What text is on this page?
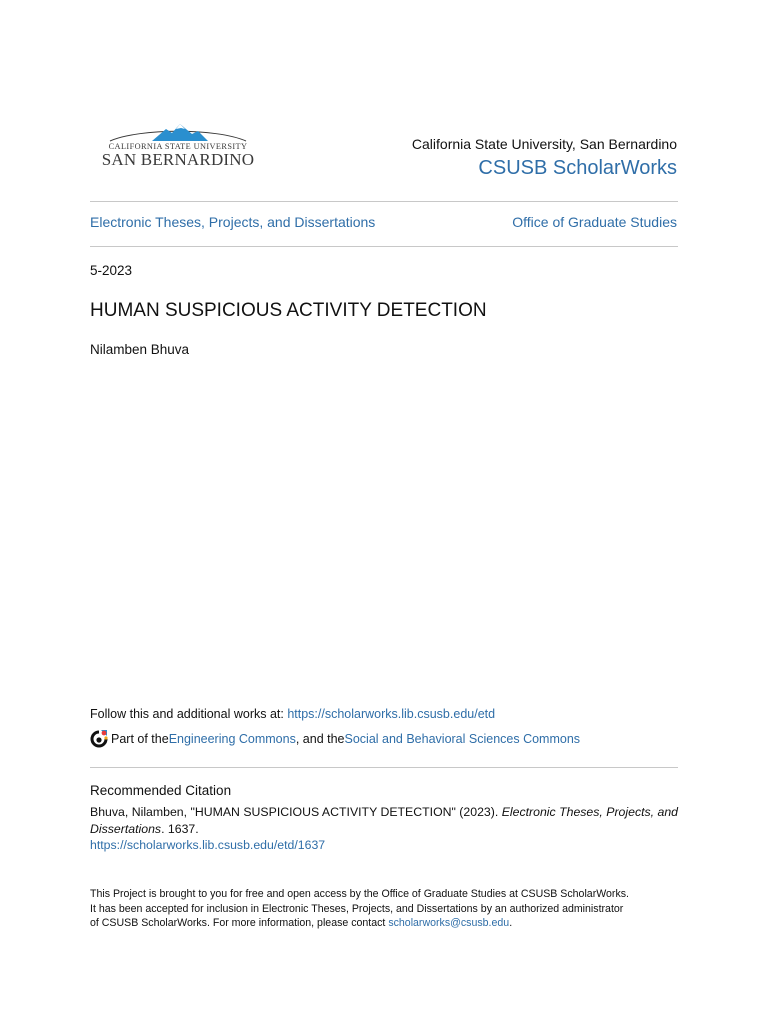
CALIFORNIA STATE UNIVERSITY
SAN BERNARDINO
California State University, San Bernardino
CSUSB ScholarWorks
Electronic Theses, Projects, and Dissertations	Office of Graduate Studies
5-2023
HUMAN SUSPICIOUS ACTIVITY DETECTION
Nilamben Bhuva
Follow this and additional works at: https://scholarworks.lib.csusb.edu/etd
Part of the Engineering Commons , and the Social and Behavioral Sciences Commons
Recommended Citation
Bhuva, Nilamben, "HUMAN SUSPICIOUS ACTIVITY DETECTION" (2023). Electronic Theses, Projects, and Dissertations. 1637.
https://scholarworks.lib.csusb.edu/etd/1637
This Project is brought to you for free and open access by the Office of Graduate Studies at CSUSB ScholarWorks.
It has been accepted for inclusion in Electronic Theses, Projects, and Dissertations by an authorized administrator
of CSUSB ScholarWorks. For more information, please contact scholarworks@csusb.edu.
